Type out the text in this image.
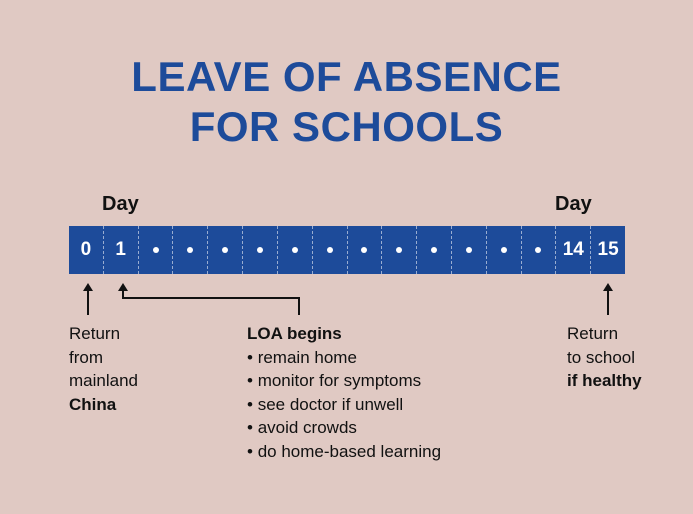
LEAVE OF ABSENCE
FOR SCHOOLS
Day	Day
0 1	14 15
Return
from
mainland
China
LOA begins
• remain home
• monitor for symptoms
• see doctor if unwell
• avoid crowds
• do home-based learning
Return
to school
if healthy
